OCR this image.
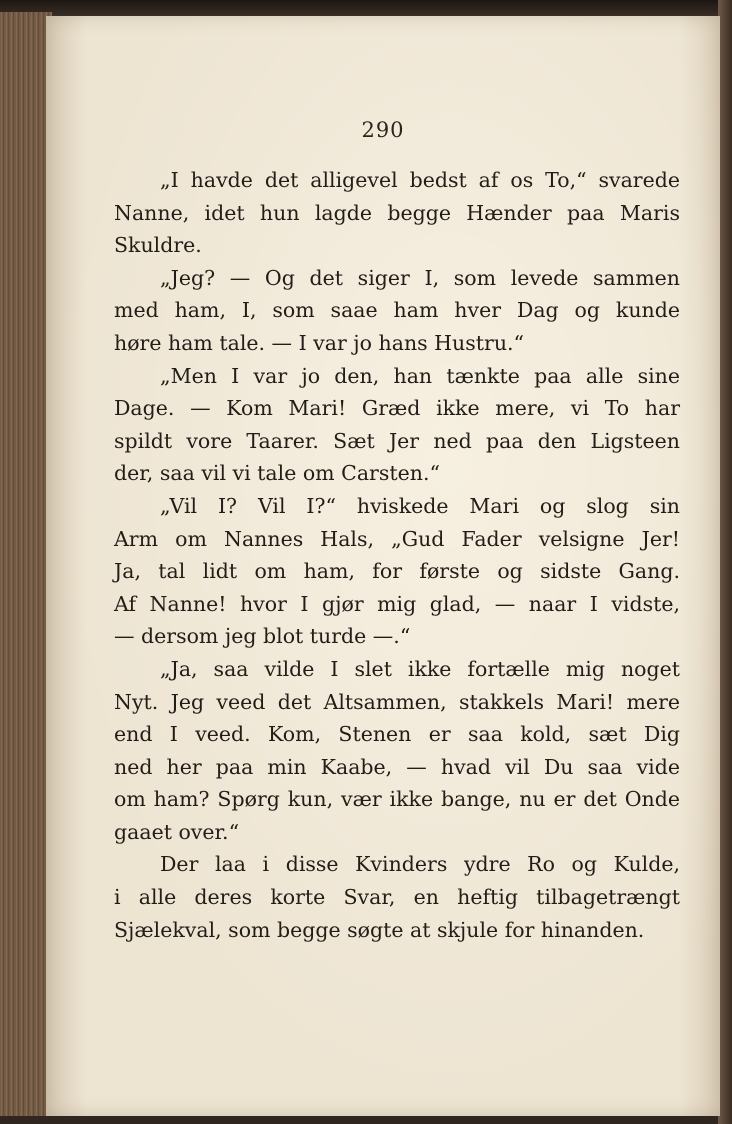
290
„I havde det alligevel bedst af os To,“ svarede
Nanne, idet hun lagde begge Hænder paa Maris
Skuldre.
„Jeg? — Og det siger I, som levede sammen
med ham, I, som saae ham hver Dag og kunde
høre ham tale. — I var jo hans Hustru.“
„Men I var jo den, han tænkte paa alle sine
Dage. — Kom Mari! Græd ikke mere, vi To har
spildt vore Taarer. Sæt Jer ned paa den Ligsteen
der, saa vil vi tale om Carsten.“
„Vil I? Vil I?“ hviskede Mari og slog sin
Arm om Nannes Hals, „Gud Fader velsigne Jer!
Ja, tal lidt om ham, for første og sidste Gang.
Af Nanne! hvor I gjør mig glad, — naar I vidste,
— dersom jeg blot turde —.“
„Ja, saa vilde I slet ikke fortælle mig noget
Nyt. Jeg veed det Altsammen, stakkels Mari! mere
end I veed. Kom, Stenen er saa kold, sæt Dig
ned her paa min Kaabe, — hvad vil Du saa vide
om ham? Spørg kun, vær ikke bange, nu er det Onde
gaaet over.“
Der laa i disse Kvinders ydre Ro og Kulde,
i alle deres korte Svar, en heftig tilbagetrængt
Sjælekval, som begge søgte at skjule for hinanden.
